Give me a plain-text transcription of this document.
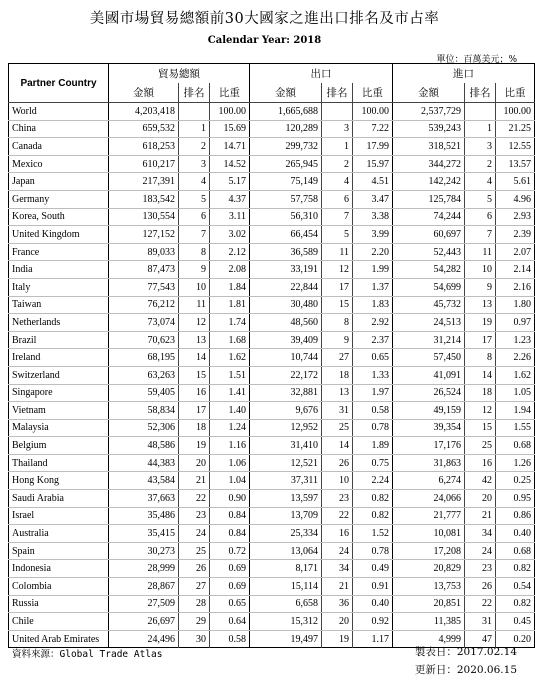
美國市場貿易總額前30大國家之進出口排名及市占率
Calendar Year: 2018
單位：百萬美元；%
Partner Country	貿易總額			出口			進口		
	金額	排名	比重	金額	排名	比重	金額	排名	比重
World	4,203,418		100.00	1,665,688		100.00	2,537,729		100.00
China	659,532	1	15.69	120,289	3	7.22	539,243	1	21.25
Canada	618,253	2	14.71	299,732	1	17.99	318,521	3	12.55
Mexico	610,217	3	14.52	265,945	2	15.97	344,272	2	13.57
Japan	217,391	4	5.17	75,149	4	4.51	142,242	4	5.61
Germany	183,542	5	4.37	57,758	6	3.47	125,784	5	4.96
Korea, South	130,554	6	3.11	56,310	7	3.38	74,244	6	2.93
United Kingdom	127,152	7	3.02	66,454	5	3.99	60,697	7	2.39
France	89,033	8	2.12	36,589	11	2.20	52,443	11	2.07
India	87,473	9	2.08	33,191	12	1.99	54,282	10	2.14
Italy	77,543	10	1.84	22,844	17	1.37	54,699	9	2.16
Taiwan	76,212	11	1.81	30,480	15	1.83	45,732	13	1.80
Netherlands	73,074	12	1.74	48,560	8	2.92	24,513	19	0.97
Brazil	70,623	13	1.68	39,409	9	2.37	31,214	17	1.23
Ireland	68,195	14	1.62	10,744	27	0.65	57,450	8	2.26
Switzerland	63,263	15	1.51	22,172	18	1.33	41,091	14	1.62
Singapore	59,405	16	1.41	32,881	13	1.97	26,524	18	1.05
Vietnam	58,834	17	1.40	9,676	31	0.58	49,159	12	1.94
Malaysia	52,306	18	1.24	12,952	25	0.78	39,354	15	1.55
Belgium	48,586	19	1.16	31,410	14	1.89	17,176	25	0.68
Thailand	44,383	20	1.06	12,521	26	0.75	31,863	16	1.26
Hong Kong	43,584	21	1.04	37,311	10	2.24	6,274	42	0.25
Saudi Arabia	37,663	22	0.90	13,597	23	0.82	24,066	20	0.95
Israel	35,486	23	0.84	13,709	22	0.82	21,777	21	0.86
Australia	35,415	24	0.84	25,334	16	1.52	10,081	34	0.40
Spain	30,273	25	0.72	13,064	24	0.78	17,208	24	0.68
Indonesia	28,999	26	0.69	8,171	34	0.49	20,829	23	0.82
Colombia	28,867	27	0.69	15,114	21	0.91	13,753	26	0.54
Russia	27,509	28	0.65	6,658	36	0.40	20,851	22	0.82
Chile	26,697	29	0.64	15,312	20	0.92	11,385	31	0.45
United Arab Emirates	24,496	30	0.58	19,497	19	1.17	4,999	47	0.20
資料來源：Global Trade Atlas	製表日：2017.02.14
更新日：2020.06.15
